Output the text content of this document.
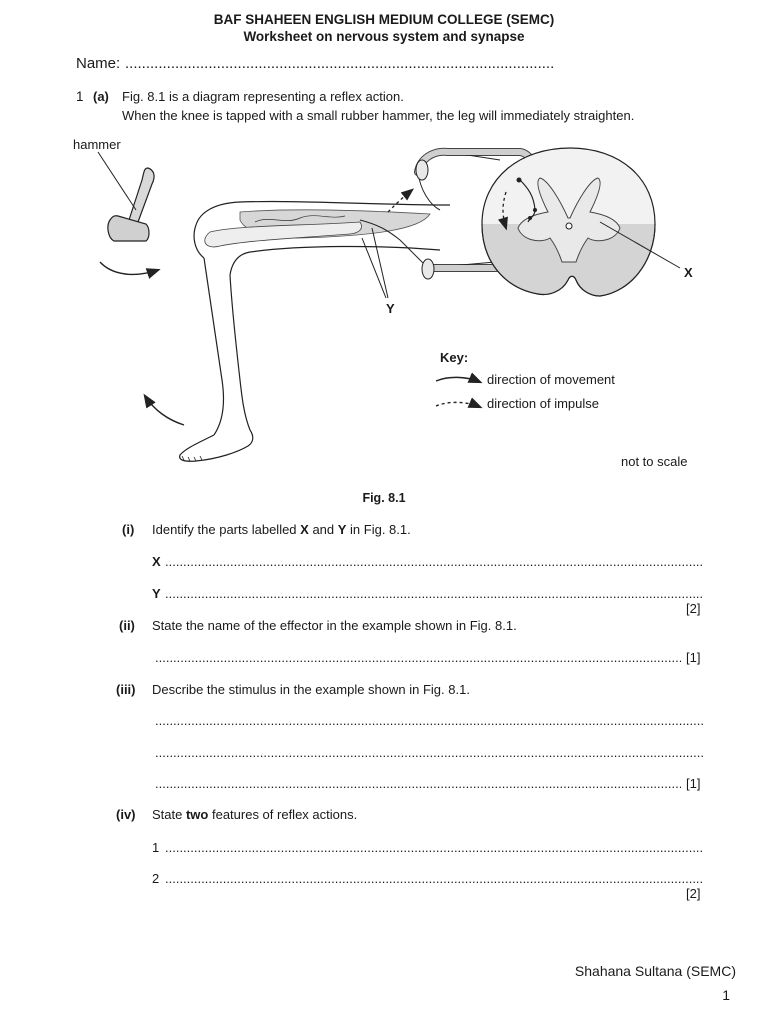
BAF SHAHEEN ENGLISH MEDIUM COLLEGE (SEMC)
Worksheet on nervous system and synapse
Name:
.....
1 (a) Fig. 8.1 is a diagram representing a reflex action.
When the knee is tapped with a small rubber hammer, the leg will immediately straighten.
hammer
X
Y
Key:
direction of movement
direction of impulse
not to scale
Fig. 8.1
(i) Identify the parts labelled X and Y in Fig. 8.1.
X
.....
Y
.....
[2]
(ii) State the name of the effector in the example shown in Fig. 8.1.
.....
[1]
(iii) Describe the stimulus in the example shown in Fig. 8.1.
.....
.....
.....
[1]
(iv) State two features of reflex actions.
1
.....
2
.....
[2]
Shahana Sultana (SEMC)
1
